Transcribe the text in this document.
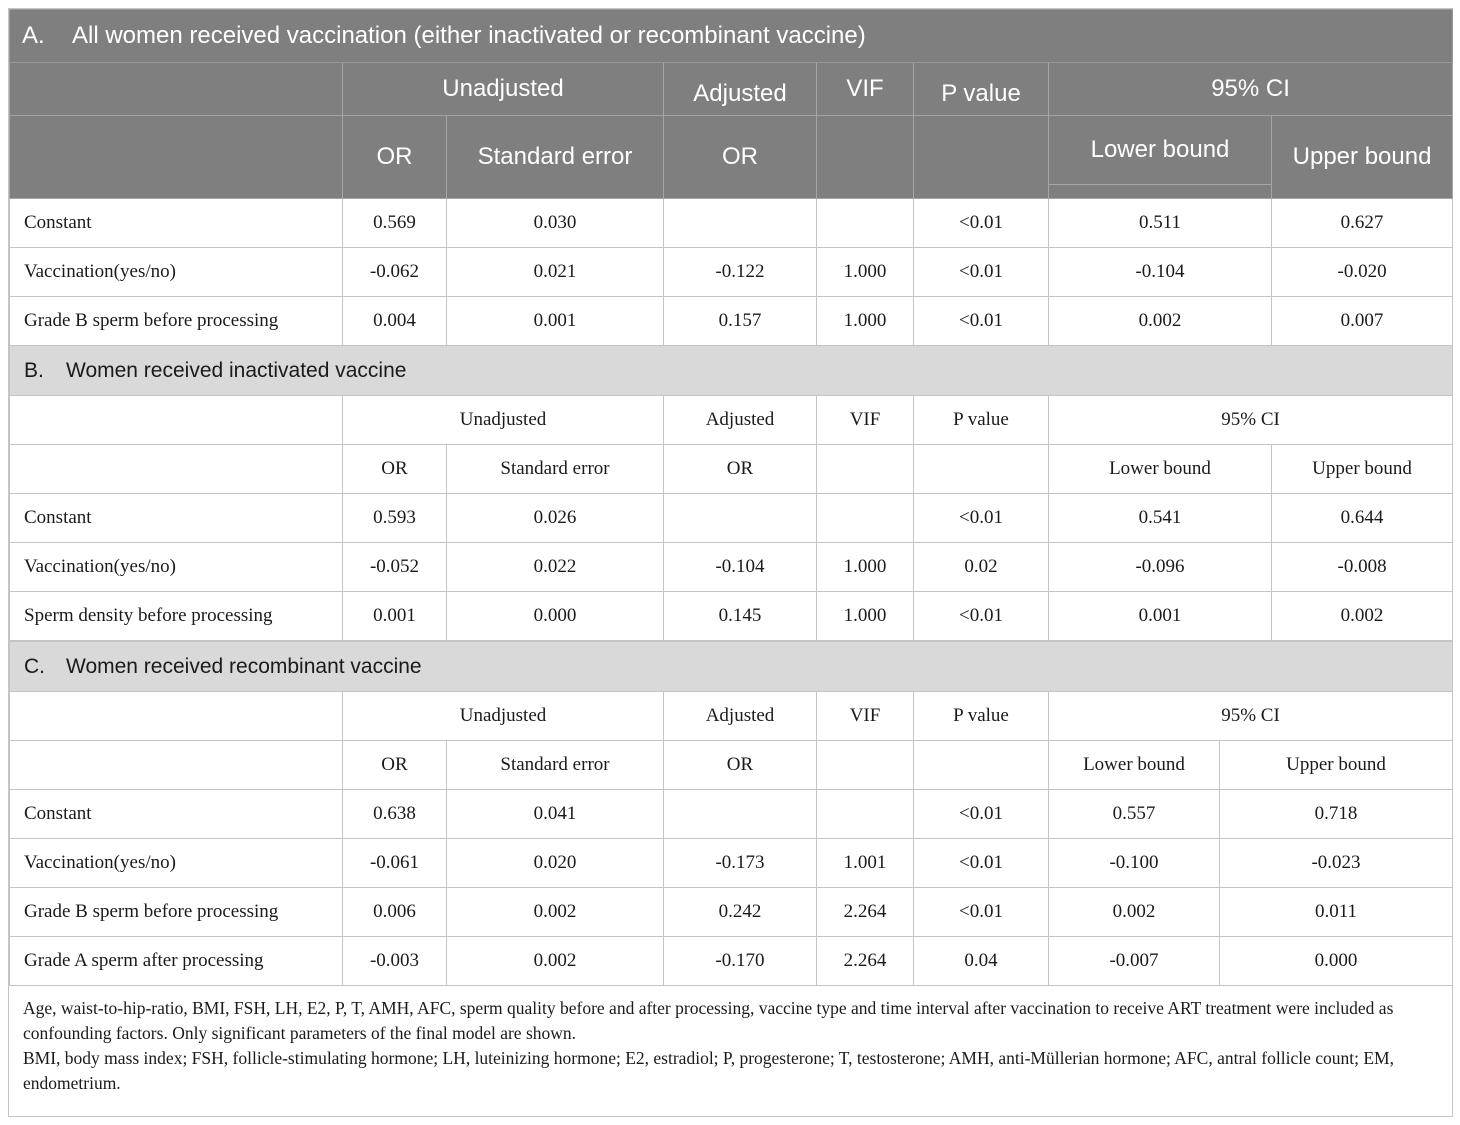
A. All women received vaccination (either inactivated or recombinant vaccine)							
	Unadjusted		Adjusted	VIF	P value	95% CI	
	OR	Standard error	OR			Lower bound	Upper bound
Constant	0.569	0.030			<0.01	0.511	0.627
Vaccination(yes/no)	-0.062	0.021	-0.122	1.000	<0.01	-0.104	-0.020
Grade B sperm before processing	0.004	0.001	0.157	1.000	<0.01	0.002	0.007
B. Women received inactivated vaccine							
	Unadjusted		Adjusted	VIF	P value	95% CI	
	OR	Standard error	OR			Lower bound	Upper bound
Constant	0.593	0.026			<0.01	0.541	0.644
Vaccination(yes/no)	-0.052	0.022	-0.104	1.000	0.02	-0.096	-0.008
Sperm density before processing	0.001	0.000	0.145	1.000	<0.01	0.001	0.002
C. Women received recombinant vaccine							
	Unadjusted		Adjusted	VIF	P value	95% CI	
	OR	Standard error	OR			Lower bound	Upper bound
Constant	0.638	0.041			<0.01	0.557	0.718
Vaccination(yes/no)	-0.061	0.020	-0.173	1.001	<0.01	-0.100	-0.023
Grade B sperm before processing	0.006	0.002	0.242	2.264	<0.01	0.002	0.011
Grade A sperm after processing	-0.003	0.002	-0.170	2.264	0.04	-0.007	0.000
Age, waist-to-hip-ratio, BMI, FSH, LH, E2, P, T, AMH, AFC, sperm quality before and after processing, vaccine type and time interval after vaccination to receive ART treatment were included as confounding factors. Only significant parameters of the final model are shown.
BMI, body mass index; FSH, follicle-stimulating hormone; LH, luteinizing hormone; E2, estradiol; P, progesterone; T, testosterone; AMH, anti-Müllerian hormone; AFC, antral follicle count; EM, endometrium.
